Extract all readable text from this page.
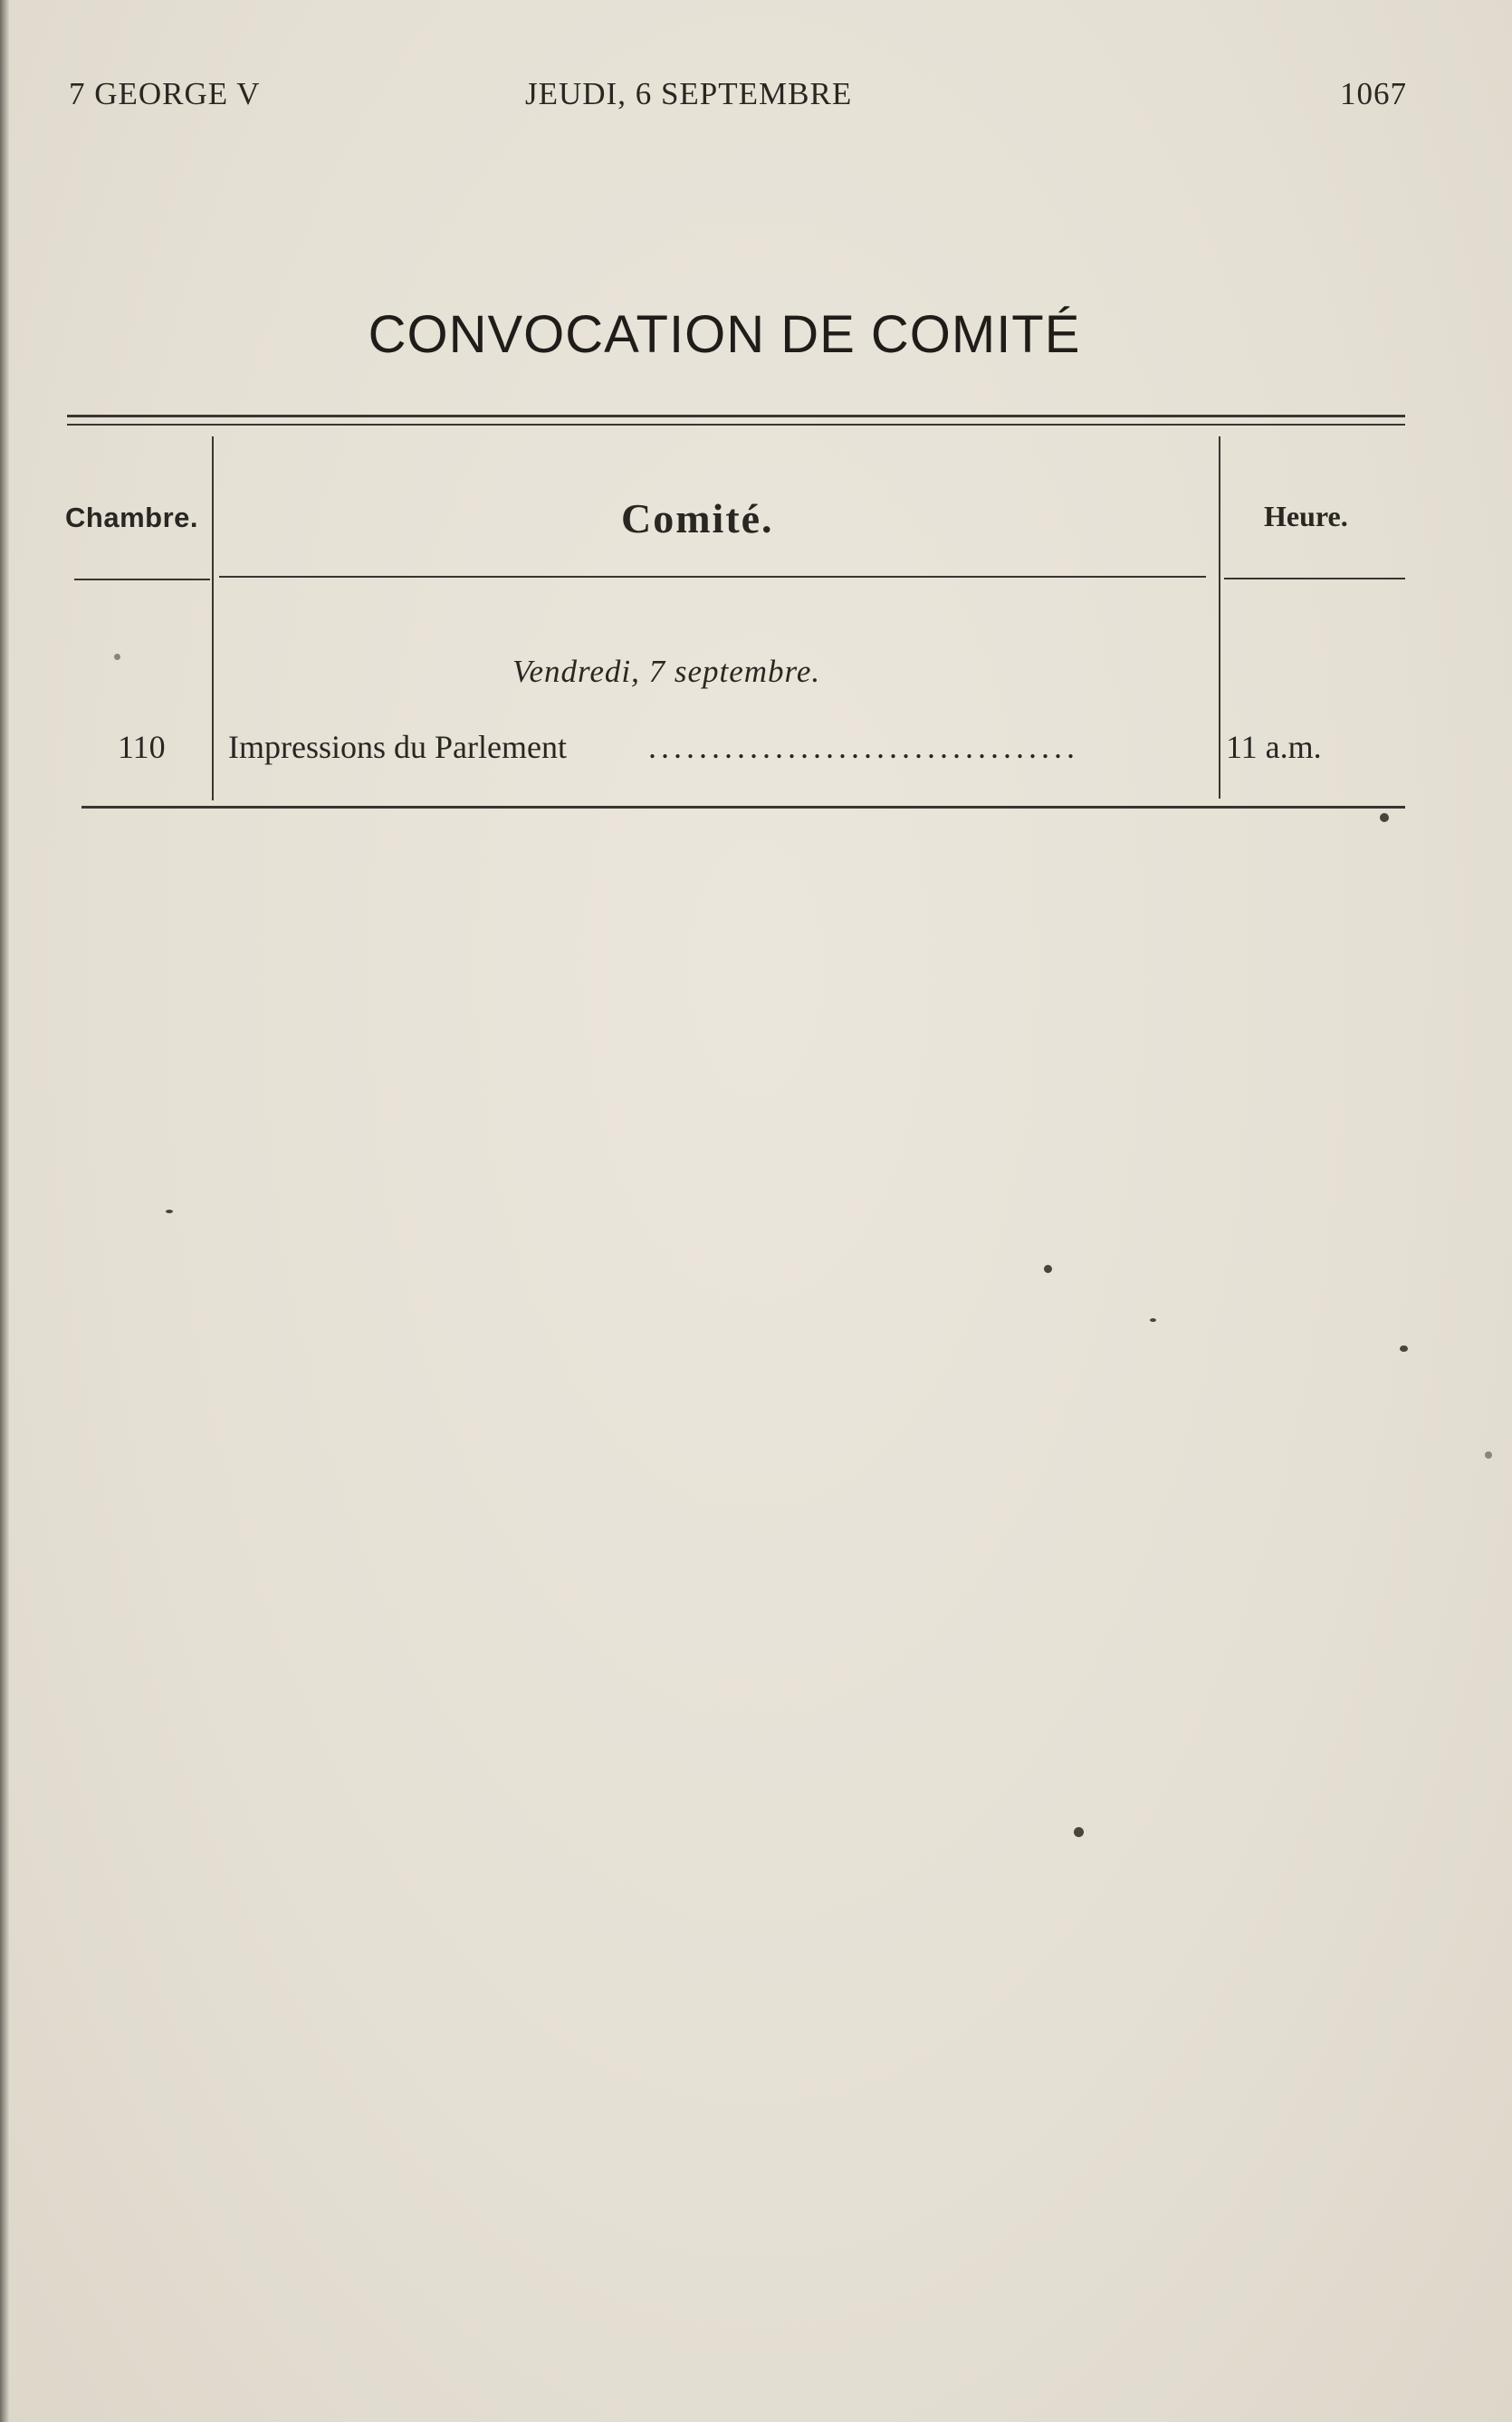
7 GEORGE V	JEUDI, 6 SEPTEMBRE	1067
CONVOCATION DE COMITÉ
Chambre.	Comité.	Heure.
Vendredi, 7 septembre.
110 Impressions du Parlement	..................................	11 a.m.
